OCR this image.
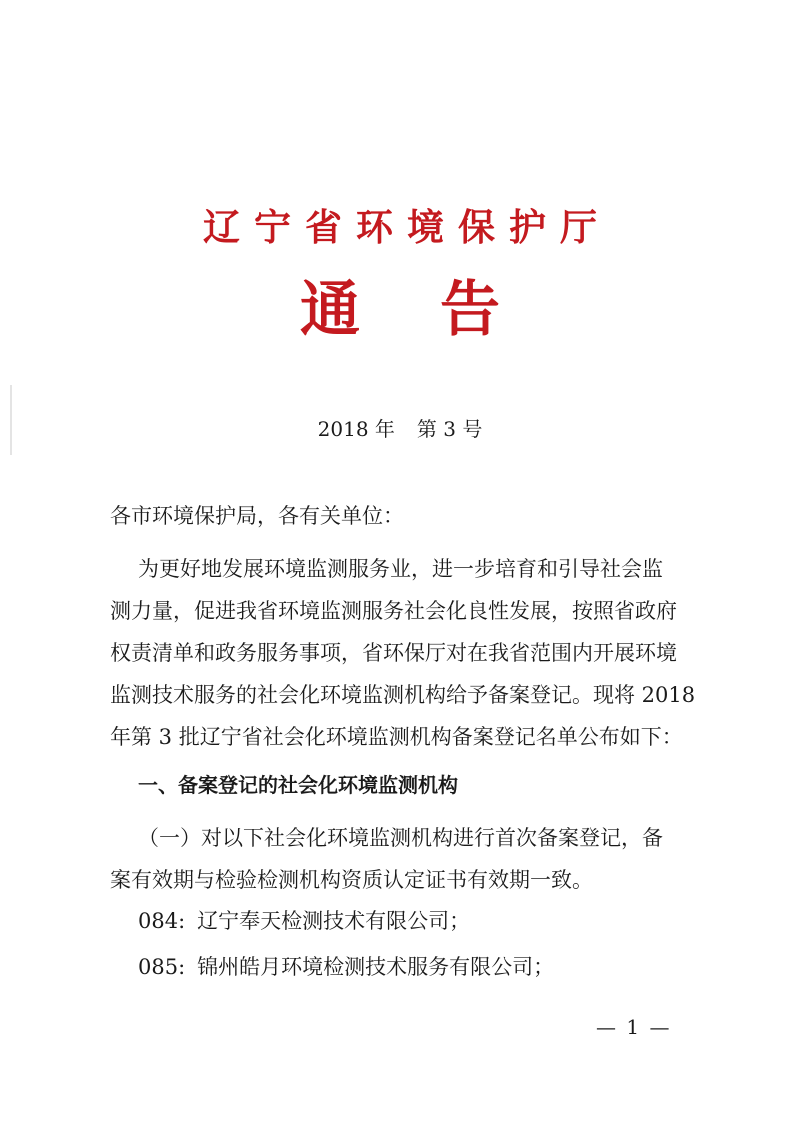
辽宁省环境保护厅
通告
2018 年 第 3 号
各市环境保护局，各有关单位：
为更好地发展环境监测服务业，进一步培育和引导社会监
测力量，促进我省环境监测服务社会化良性发展，按照省政府
权责清单和政务服务事项，省环保厅对在我省范围内开展环境
监测技术服务的社会化环境监测机构给予备案登记。现将 2018
年第 3 批辽宁省社会化环境监测机构备案登记名单公布如下：
一、备案登记的社会化环境监测机构
（一）对以下社会化环境监测机构进行首次备案登记，备
案有效期与检验检测机构资质认定证书有效期一致。
084: 辽宁奉天检测技术有限公司；
085: 锦州皓月环境检测技术服务有限公司；
— 1 —
